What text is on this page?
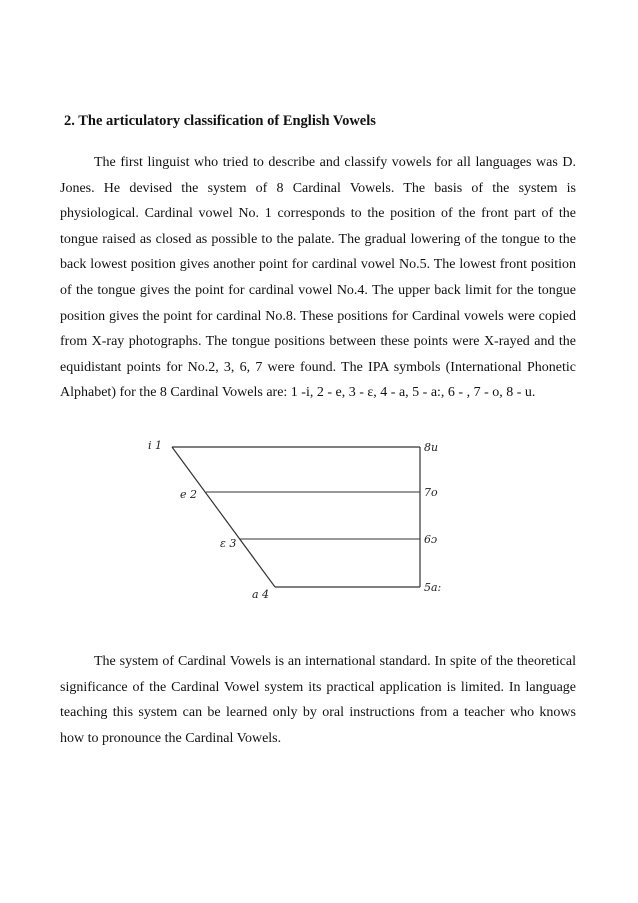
2. The articulatory classification of English Vowels

The first linguist who tried to describe and classify vowels for all languages was D. Jones. He devised the system of 8 Cardinal Vowels. The basis of the system is physiological. Cardinal vowel No. 1 corresponds to the position of the front part of the tongue raised as closed as possible to the palate. The gradual lowering of the tongue to the back lowest position gives another point for cardinal vowel No.5. The lowest front position of the tongue gives the point for cardinal vowel No.4. The upper back limit for the tongue position gives the point for cardinal No.8. These positions for Cardinal vowels were copied from X-ray photographs. The tongue positions between these points were X-rayed and the equidistant points for No.2, 3, 6, 7 were found. The IPA symbols (International Phonetic Alphabet) for the 8 Cardinal Vowels are: 1 -i, 2 - e, 3 - ε, 4 - a, 5 - a:, 6 - , 7 - o, 8 - u.

i 1
e 2
ε 3
a 4
5a:
6ɔ
7o
8u

The system of Cardinal Vowels is an international standard. In spite of the theoretical significance of the Cardinal Vowel system its practical application is limited. In language teaching this system can be learned only by oral instructions from a teacher who knows how to pronounce the Cardinal Vowels.
